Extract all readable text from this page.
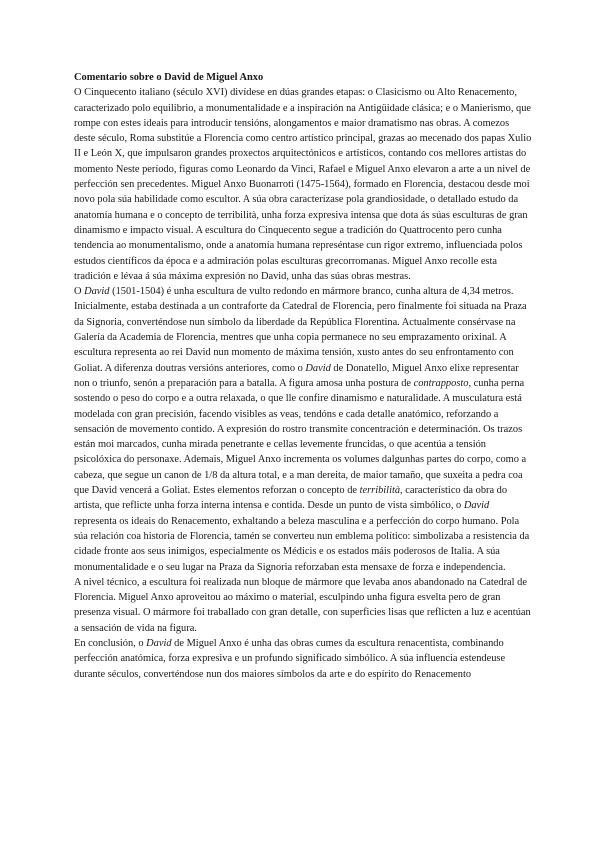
Comentario sobre o David de Miguel Anxo

O Cinquecento italiano (século XVI) divídese en dúas grandes etapas: o Clasicismo ou Alto Renacemento, caracterizado polo equilibrio, a monumentalidade e a inspiración na Antigüidade clásica; e o Manierismo, que rompe con estes ideais para introducir tensións, alongamentos e maior dramatismo nas obras. A comezos deste século, Roma substitúe a Florencia como centro artístico principal, grazas ao mecenado dos papas Xulio II e León X, que impulsaron grandes proxectos arquitectónicos e artísticos, contando cos mellores artistas do momento Neste período, figuras como Leonardo da Vinci, Rafael e Miguel Anxo elevaron a arte a un nivel de perfección sen precedentes. Miguel Anxo Buonarroti (1475-1564), formado en Florencia, destacou desde moi novo pola súa habilidade como escultor. A súa obra caracterízase pola grandiosidade, o detallado estudo da anatomía humana e o concepto de terribilità, unha forza expresiva intensa que dota ás súas esculturas de gran dinamismo e impacto visual. A escultura do Cinquecento segue a tradición do Quattrocento pero cunha tendencia ao monumentalismo, onde a anatomía humana represéntase cun rigor extremo, influenciada polos estudos científicos da época e a admiración polas esculturas grecorromanas. Miguel Anxo recolle esta tradición e lévaa á súa máxima expresión no David, unha das súas obras mestras.

O David (1501-1504) é unha escultura de vulto redondo en mármore branco, cunha altura de 4,34 metros. Inicialmente, estaba destinada a un contraforte da Catedral de Florencia, pero finalmente foi situada na Praza da Signoria, converténdose nun símbolo da liberdade da República Florentina. Actualmente consérvase na Galería da Academia de Florencia, mentres que unha copia permanece no seu emprazamento orixinal. A escultura representa ao rei David nun momento de máxima tensión, xusto antes do seu enfrontamento con Goliat. A diferenza doutras versións anteriores, como o David de Donatello, Miguel Anxo elixe representar non o triunfo, senón a preparación para a batalla. A figura amosa unha postura de contrapposto, cunha perna sostendo o peso do corpo e a outra relaxada, o que lle confire dinamismo e naturalidade. A musculatura está modelada con gran precisión, facendo visibles as veas, tendóns e cada detalle anatómico, reforzando a sensación de movemento contido. A expresión do rostro transmite concentración e determinación. Os trazos están moi marcados, cunha mirada penetrante e cellas levemente fruncidas, o que acentúa a tensión psicolóxica do personaxe. Ademais, Miguel Anxo incrementa os volumes dalgunhas partes do corpo, como a cabeza, que segue un canon de 1/8 da altura total, e a man dereita, de maior tamaño, que suxeita a pedra coa que David vencerá a Goliat. Estes elementos reforzan o concepto de terribilità, característico da obra do artista, que reflicte unha forza interna intensa e contida. Desde un punto de vista simbólico, o David representa os ideais do Renacemento, exhaltando a beleza masculina e a perfección do corpo humano. Pola súa relación coa historia de Florencia, tamén se converteu nun emblema político: simbolizaba a resistencia da cidade fronte aos seus inimigos, especialmente os Médicis e os estados máis poderosos de Italia. A súa monumentalidade e o seu lugar na Praza da Signoria reforzaban esta mensaxe de forza e independencia.

A nivel técnico, a escultura foi realizada nun bloque de mármore que levaba anos abandonado na Catedral de Florencia. Miguel Anxo aproveitou ao máximo o material, esculpindo unha figura esvelta pero de gran presenza visual. O mármore foi traballado con gran detalle, con superficies lisas que reflicten a luz e acentúan a sensación de vida na figura.

En conclusión, o David de Miguel Anxo é unha das obras cumes da escultura renacentista, combinando perfección anatómica, forza expresiva e un profundo significado simbólico. A súa influencia estendeuse durante séculos, converténdose nun dos maiores símbolos da arte e do espírito do Renacemento
